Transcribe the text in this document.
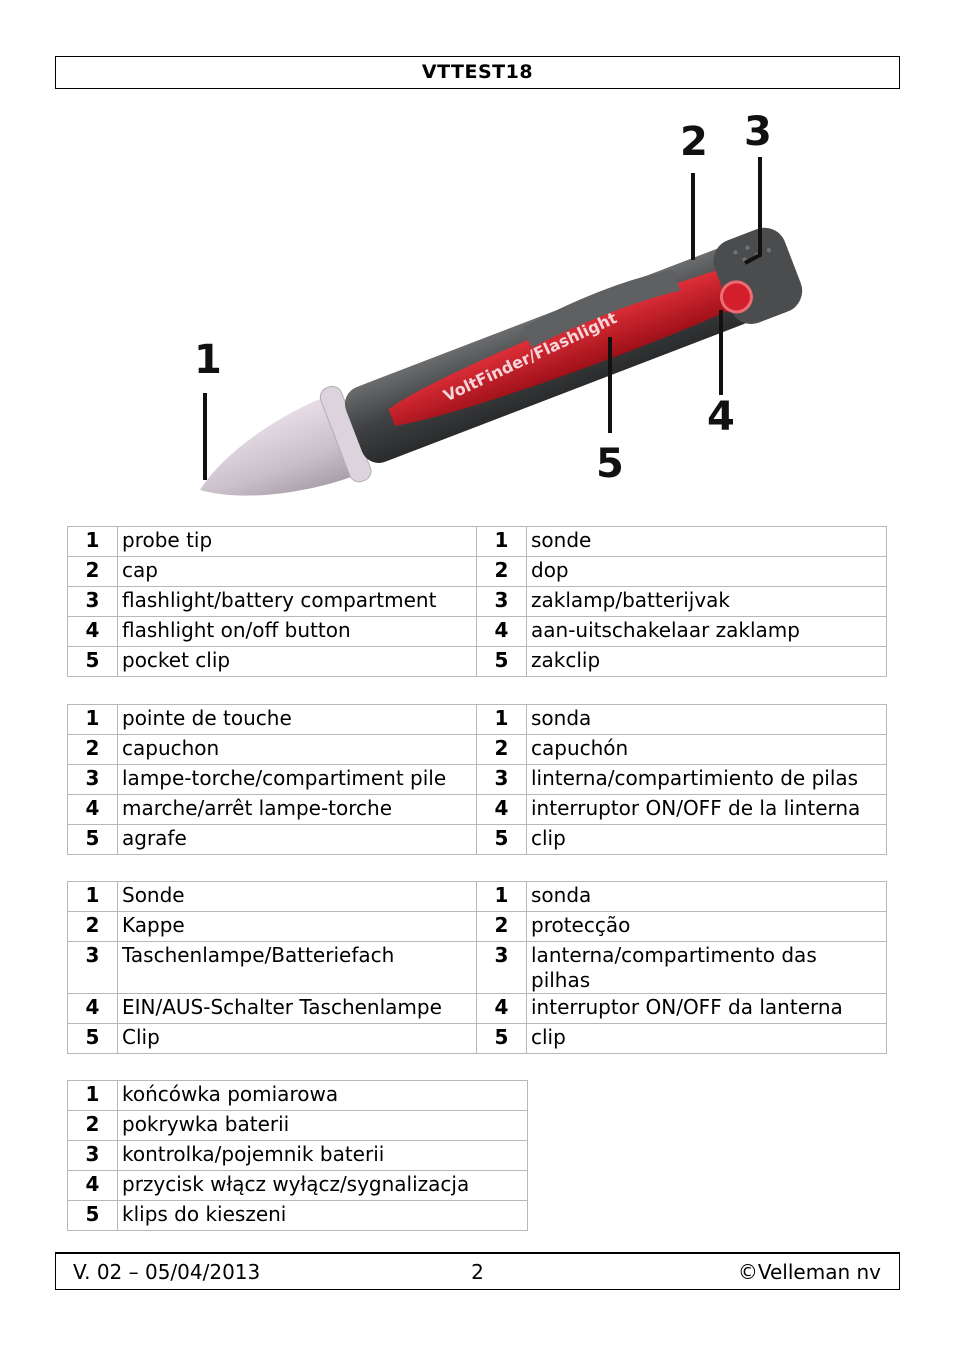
VTTEST18
VoltFinder/Flashlight
1
2 3
4
5
1	probe tip	1	sonde
2	cap	2	dop
3	flashlight/battery compartment	3	zaklamp/batterijvak
4	flashlight on/off button	4	aan-uitschakelaar zaklamp
5	pocket clip	5	zakclip
1	pointe de touche	1	sonda
2	capuchon	2	capuchón
3	lampe-torche/compartiment pile	3	linterna/compartimiento de pilas
4	marche/arrêt lampe-torche	4	interruptor ON/OFF de la linterna
5	agrafe	5	clip
1	Sonde	1	sonda
2	Kappe	2	protecção
3	Taschenlampe/Batteriefach	3	lanterna/compartimento das pilhas
4	EIN/AUS-Schalter Taschenlampe	4	interruptor ON/OFF da lanterna
5	Clip	5	clip
1	końcówka pomiarowa
2	pokrywka baterii
3	kontrolka/pojemnik baterii
4	przycisk włącz wyłącz/sygnalizacja
5	klips do kieszeni
V. 02 – 05/04/2013	2	©Velleman nv
